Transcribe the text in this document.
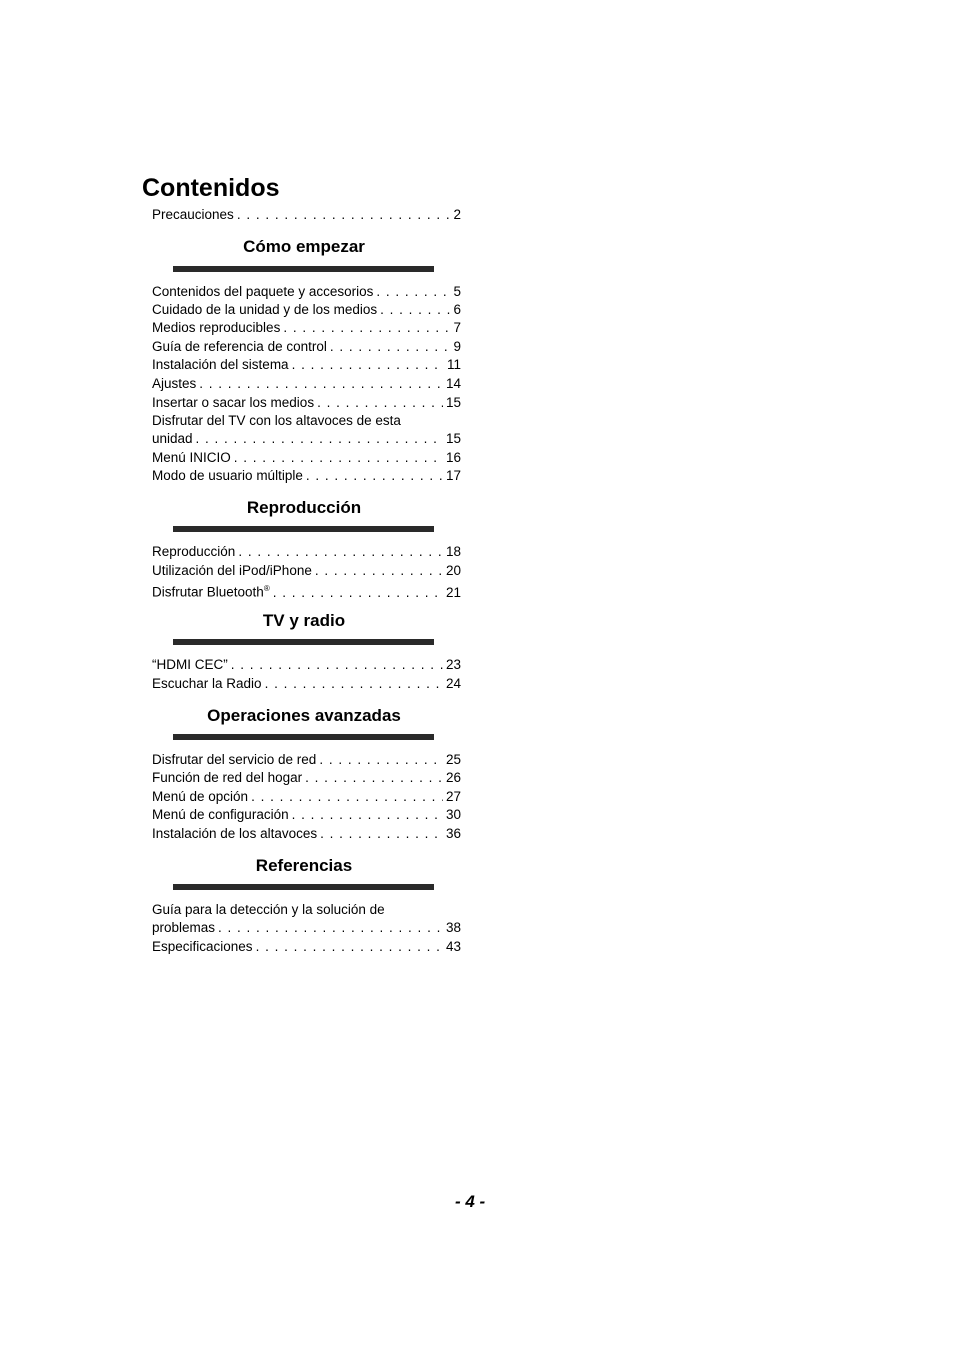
Contenidos
Precauciones . . .	2
Cómo empezar
Contenidos del paquete y accesorios . . .	5
Cuidado de la unidad y de los medios . . .	6
Medios reproducibles . . .	7
Guía de referencia de control . . .	9
Instalación del sistema . . .	11
Ajustes . . .	14
Insertar o sacar los medios . . .	15
Disfrutar del TV con los altavoces de esta
unidad . . .	15
Menú INICIO . . .	16
Modo de usuario múltiple . . .	17
Reproducción
Reproducción . . .	18
Utilización del iPod/iPhone . . .	20
Disfrutar Bluetooth® . . .	21
TV y radio
“HDMI CEC” . . .	23
Escuchar la Radio . . .	24
Operaciones avanzadas
Disfrutar del servicio de red . . .	25
Función de red del hogar . . .	26
Menú de opción . . .	27
Menú de configuración . . .	30
Instalación de los altavoces . . .	36
Referencias
Guía para la detección y la solución de
problemas . . .	38
Especificaciones . . .	43
- 4 -
